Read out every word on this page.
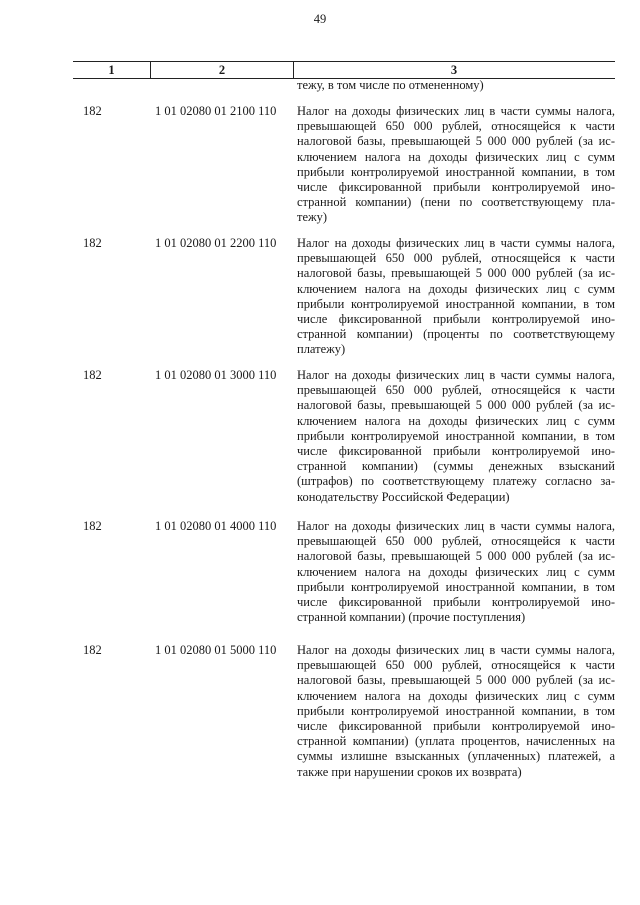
49
1	2	3
тежу, в том числе по отмененному)
182	1 01 02080 01 2100 110	Налог на доходы физических лиц в части суммы налога,
превышающей 650 000 рублей, относящейся к части
налоговой базы, превышающей 5 000 000 рублей (за ис-
ключением налога на доходы физических лиц с сумм
прибыли контролируемой иностранной компании, в том
числе фиксированной прибыли контролируемой ино-
странной компании) (пени по соответствующему пла-
тежу)
182	1 01 02080 01 2200 110	Налог на доходы физических лиц в части суммы налога,
превышающей 650 000 рублей, относящейся к части
налоговой базы, превышающей 5 000 000 рублей (за ис-
ключением налога на доходы физических лиц с сумм
прибыли контролируемой иностранной компании, в том
числе фиксированной прибыли контролируемой ино-
странной компании) (проценты по соответствующему
платежу)
182	1 01 02080 01 3000 110	Налог на доходы физических лиц в части суммы налога,
превышающей 650 000 рублей, относящейся к части
налоговой базы, превышающей 5 000 000 рублей (за ис-
ключением налога на доходы физических лиц с сумм
прибыли контролируемой иностранной компании, в том
числе фиксированной прибыли контролируемой ино-
странной компании) (суммы денежных взысканий
(штрафов) по соответствующему платежу согласно за-
конодательству Российской Федерации)
182	1 01 02080 01 4000 110	Налог на доходы физических лиц в части суммы налога,
превышающей 650 000 рублей, относящейся к части
налоговой базы, превышающей 5 000 000 рублей (за ис-
ключением налога на доходы физических лиц с сумм
прибыли контролируемой иностранной компании, в том
числе фиксированной прибыли контролируемой ино-
странной компании) (прочие поступления)
182	1 01 02080 01 5000 110	Налог на доходы физических лиц в части суммы налога,
превышающей 650 000 рублей, относящейся к части
налоговой базы, превышающей 5 000 000 рублей (за ис-
ключением налога на доходы физических лиц с сумм
прибыли контролируемой иностранной компании, в том
числе фиксированной прибыли контролируемой ино-
странной компании) (уплата процентов, начисленных на
суммы излишне взысканных (уплаченных) платежей, а
также при нарушении сроков их возврата)
